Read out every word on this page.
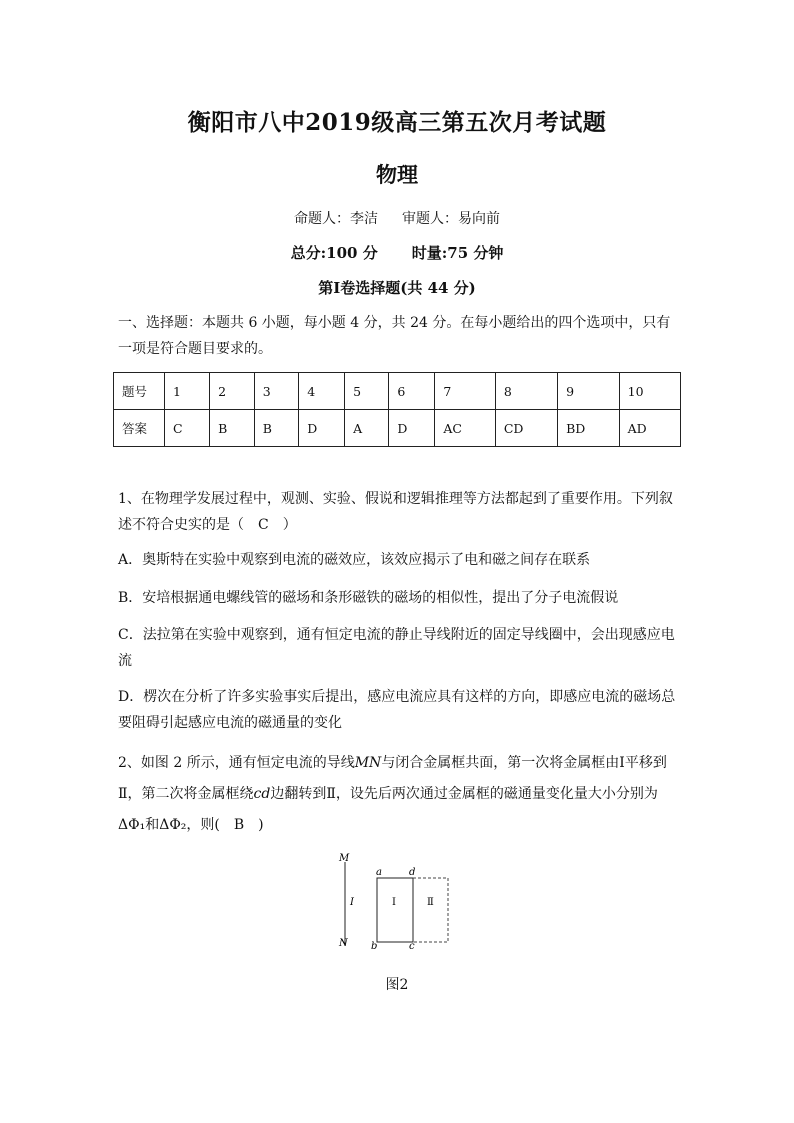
衡阳市八中2019级高三第五次月考试题
物理
命题人：李洁 审题人：易向前
总分:100 分 时量:75 分钟
第Ⅰ卷选择题(共 44 分)
一、选择题：本题共 6 小题，每小题 4 分，共 24 分。在每小题给出的四个选项中，只有一项是符合题目要求的。
题号	1	2	3	4	5	6	7	8	9	10
答案	C	B	B	D	A	D	AC	CD	BD	AD
1、在物理学发展过程中，观测、实验、假说和逻辑推理等方法都起到了重要作用。下列叙述不符合史实的是（　C　）
A．奥斯特在实验中观察到电流的磁效应，该效应揭示了电和磁之间存在联系
B．安培根据通电螺线管的磁场和条形磁铁的磁场的相似性，提出了分子电流假说
C．法拉第在实验中观察到，通有恒定电流的静止导线附近的固定导线圈中，会出现感应电流
D．楞次在分析了许多实验事实后提出，感应电流应具有这样的方向，即感应电流的磁场总要阻碍引起感应电流的磁通量的变化
2、如图 2 所示，通有恒定电流的导线MN与闭合金属框共面，第一次将金属框由Ⅰ平移到Ⅱ，第二次将金属框绕cd边翻转到Ⅱ，设先后两次通过金属框的磁通量变化量大小分别为ΔΦ₁和ΔΦ₂，则(　B　)
M
I
N
a	d
b	c
Ⅰ	Ⅱ
图2
